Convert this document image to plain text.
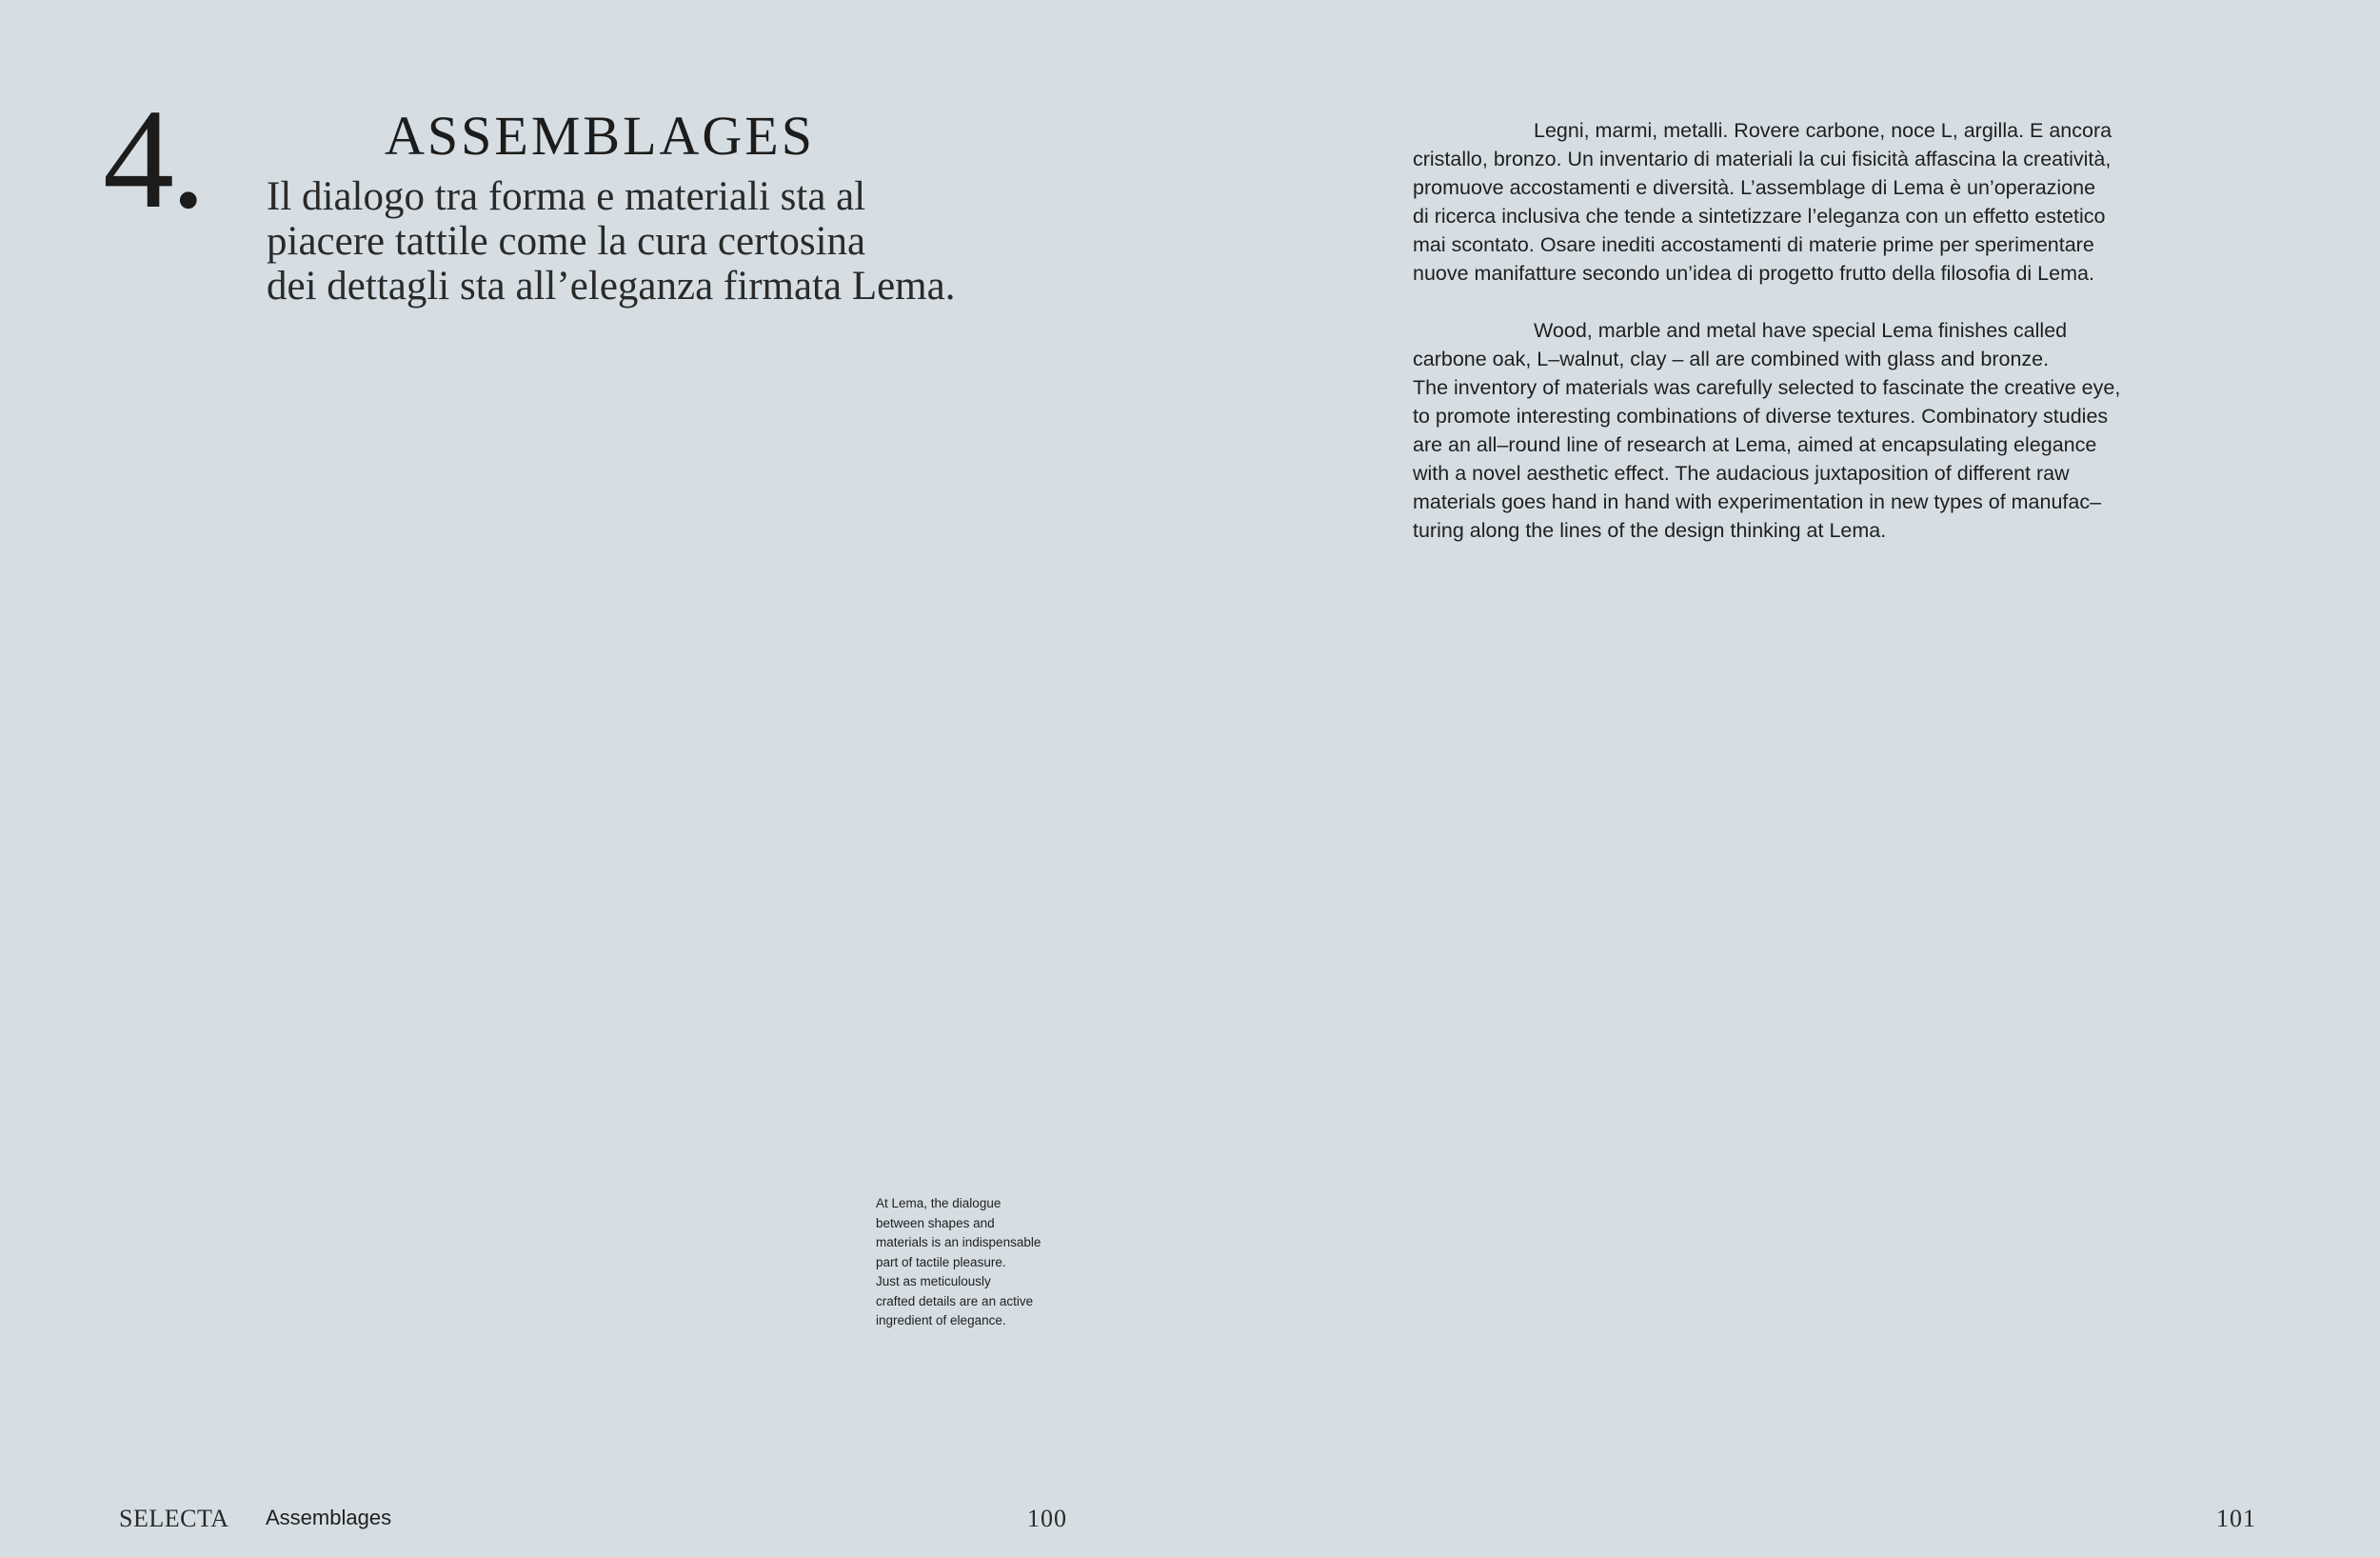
4.	ASSEMBLAGES
Il dialogo tra forma e materiali sta al
piacere tattile come la cura certosina
dei dettagli sta all’eleganza firmata Lema.
Legni, marmi, metalli. Rovere carbone, noce L, argilla. E ancora
cristallo, bronzo. Un inventario di materiali la cui fisicità affascina la creatività,
promuove accostamenti e diversità. L’assemblage di Lema è un’operazione
di ricerca inclusiva che tende a sintetizzare l’eleganza con un effetto estetico
mai scontato. Osare inediti accostamenti di materie prime per sperimentare
nuove manifatture secondo un’idea di progetto frutto della filosofia di Lema.
Wood, marble and metal have special Lema finishes called
carbone oak, L–walnut, clay – all are combined with glass and bronze.
The inventory of materials was carefully selected to fascinate the creative eye,
to promote interesting combinations of diverse textures. Combinatory studies
are an all–round line of research at Lema, aimed at encapsulating elegance
with a novel aesthetic effect. The audacious juxtaposition of different raw
materials goes hand in hand with experimentation in new types of manufac–
turing along the lines of the design thinking at Lema.
At Lema, the dialogue
between shapes and
materials is an indispensable
part of tactile pleasure.
Just as meticulously
crafted details are an active
ingredient of elegance.
SELECTA Assemblages	100	101
